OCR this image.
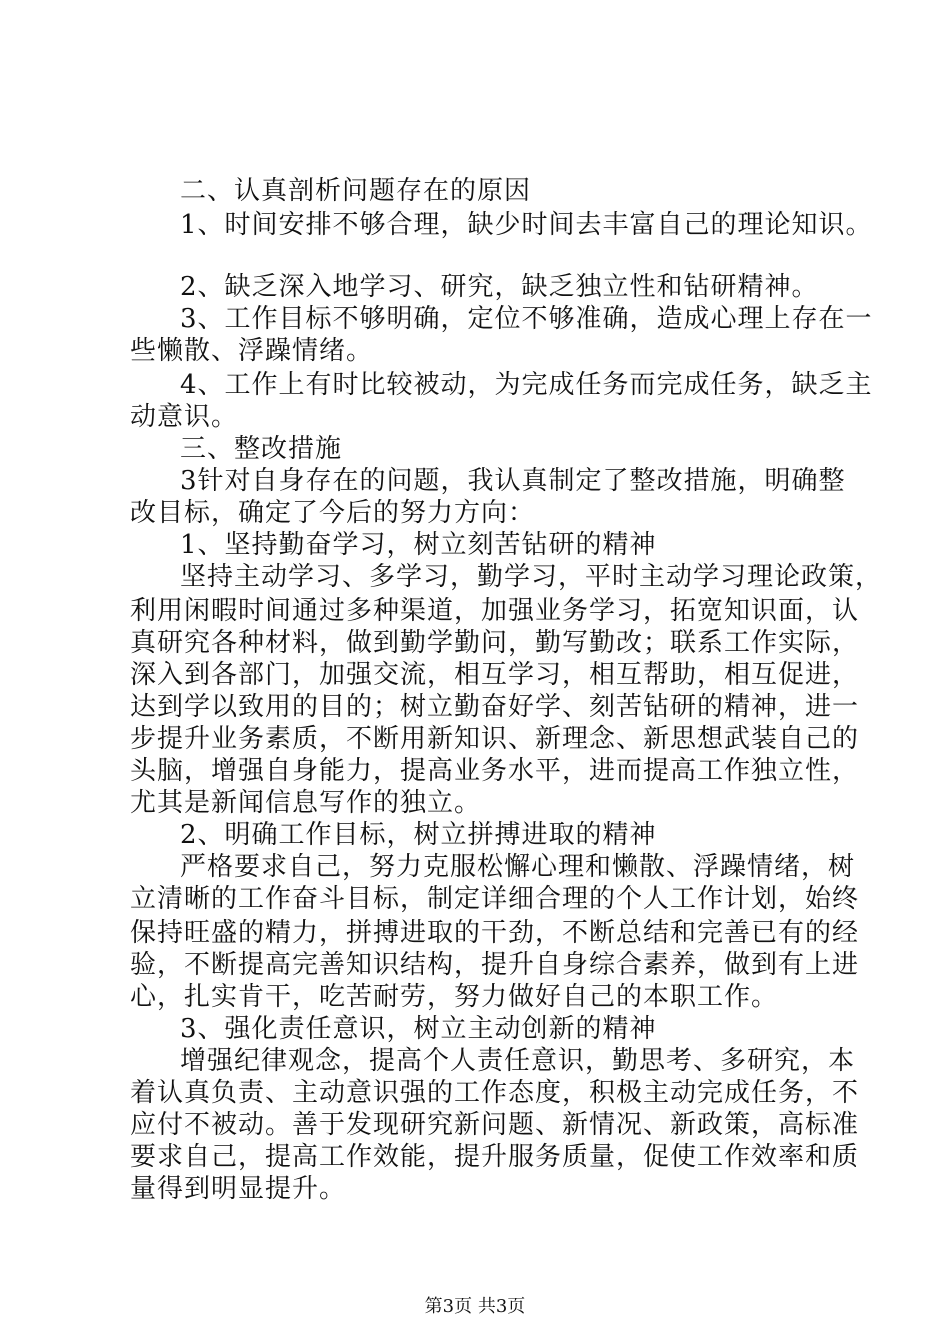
二、认真剖析问题存在的原因
1、时间安排不够合理，缺少时间去丰富自己的理论知识。
2、缺乏深入地学习、研究，缺乏独立性和钻研精神。
3、工作目标不够明确，定位不够准确，造成心理上存在一
些懒散、浮躁情绪。
4、工作上有时比较被动，为完成任务而完成任务，缺乏主
动意识。
三、整改措施
3针对自身存在的问题，我认真制定了整改措施，明确整
改目标，确定了今后的努力方向：
1、坚持勤奋学习，树立刻苦钻研的精神
坚持主动学习、多学习，勤学习，平时主动学习理论政策，
利用闲暇时间通过多种渠道，加强业务学习，拓宽知识面，认
真研究各种材料，做到勤学勤问，勤写勤改；联系工作实际，
深入到各部门，加强交流，相互学习，相互帮助，相互促进，
达到学以致用的目的；树立勤奋好学、刻苦钻研的精神，进一
步提升业务素质，不断用新知识、新理念、新思想武装自己的
头脑，增强自身能力，提高业务水平，进而提高工作独立性，
尤其是新闻信息写作的独立。
2、明确工作目标，树立拼搏进取的精神
严格要求自己，努力克服松懈心理和懒散、浮躁情绪，树
立清晰的工作奋斗目标，制定详细合理的个人工作计划，始终
保持旺盛的精力，拼搏进取的干劲，不断总结和完善已有的经
验，不断提高完善知识结构，提升自身综合素养，做到有上进
心，扎实肯干，吃苦耐劳，努力做好自己的本职工作。
3、强化责任意识，树立主动创新的精神
增强纪律观念，提高个人责任意识，勤思考、多研究，本
着认真负责、主动意识强的工作态度，积极主动完成任务，不
应付不被动。善于发现研究新问题、新情况、新政策，高标准
要求自己，提高工作效能，提升服务质量，促使工作效率和质
量得到明显提升。
第3页 共3页
